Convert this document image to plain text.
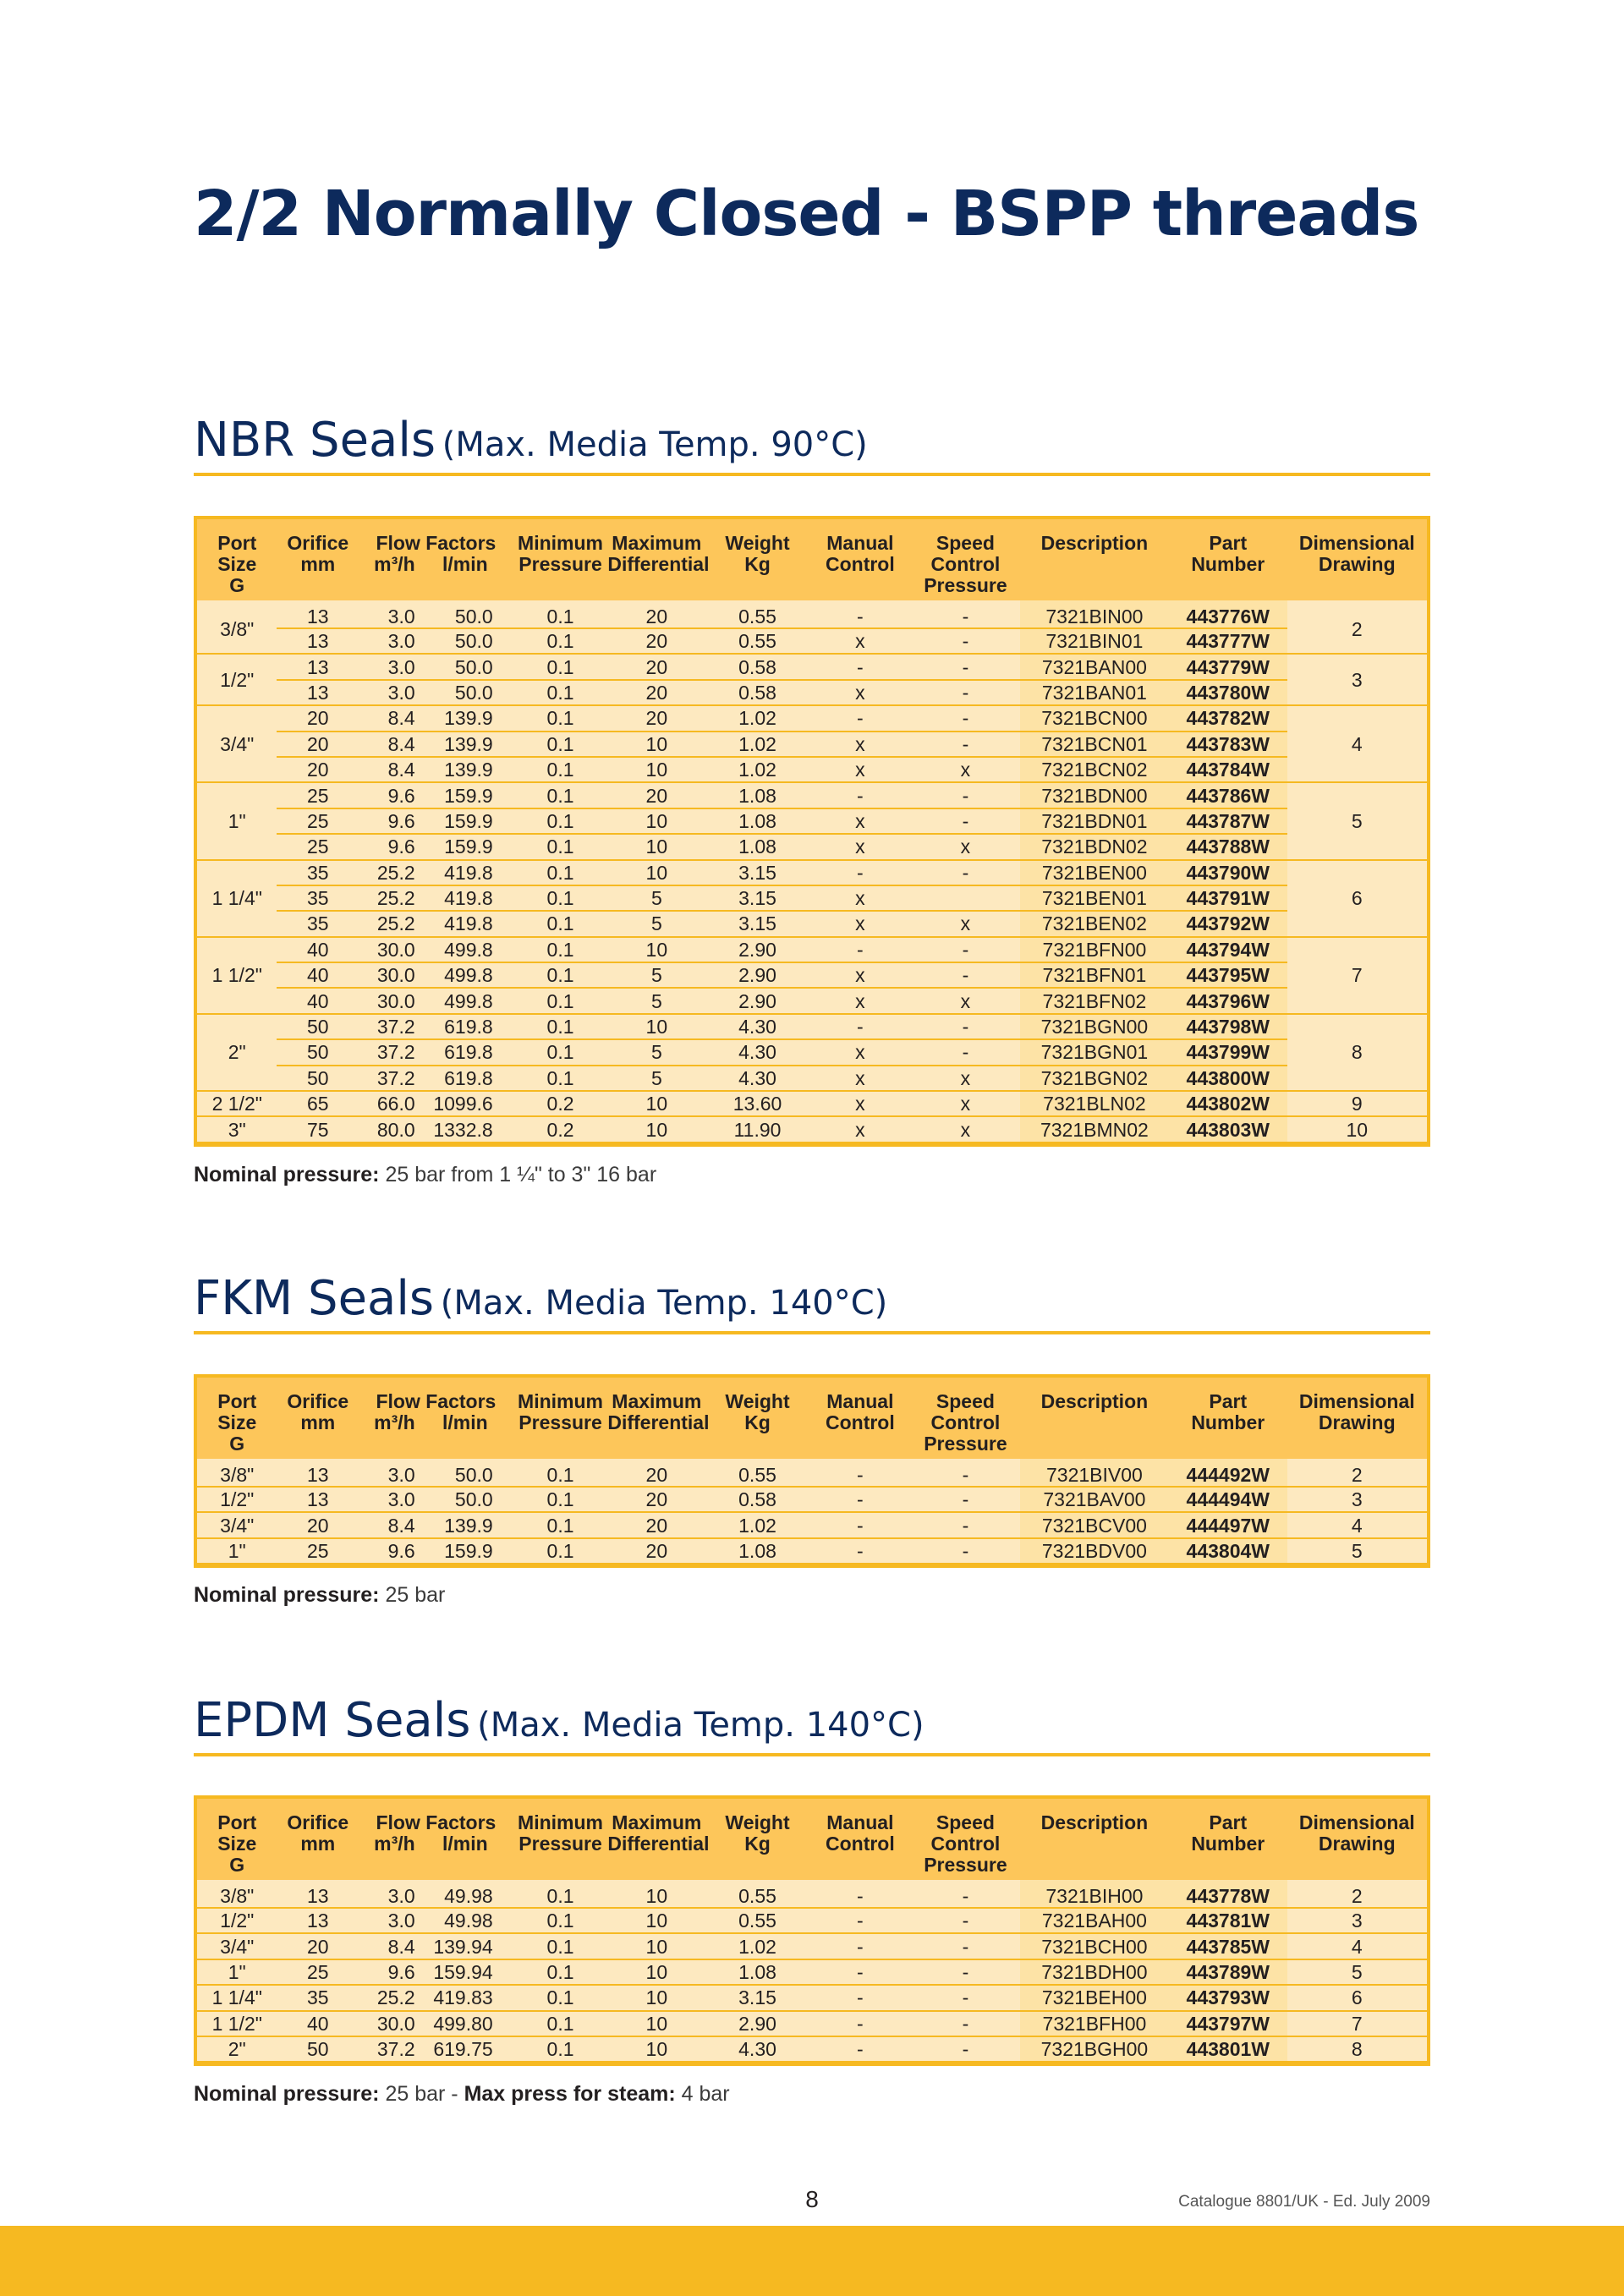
2/2 Normally Closed - BSPP threads
NBR Seals (Max. Media Temp. 90°C)
Port
Size
G	Orifice
mm	Flow Factors
m³/h l/min		Minimum
Pressure	Maximum
Differential	Weight
Kg	Manual
Control	Speed
Control
Pressure	Description	Part
Number	Dimensional
Drawing

3/8"	13	3.0	50.0	0.1	20	0.55	-	-	7321BIN00	443776W	2
	13	3.0	50.0	0.1	20	0.55	x	-	7321BIN01	443777W	
1/2"	13	3.0	50.0	0.1	20	0.58	-	-	7321BAN00	443779W	3
	13	3.0	50.0	0.1	20	0.58	x	-	7321BAN01	443780W	
3/4"	20	8.4	139.9	0.1	20	1.02	-	-	7321BCN00	443782W	4
	20	8.4	139.9	0.1	10	1.02	x	-	7321BCN01	443783W	
	20	8.4	139.9	0.1	10	1.02	x	x	7321BCN02	443784W	
1"	25	9.6	159.9	0.1	20	1.08	-	-	7321BDN00	443786W	5
	25	9.6	159.9	0.1	10	1.08	x	-	7321BDN01	443787W	
	25	9.6	159.9	0.1	10	1.08	x	x	7321BDN02	443788W	
1 1/4"	35	25.2	419.8	0.1	10	3.15	-	-	7321BEN00	443790W	6
	35	25.2	419.8	0.1	5	3.15	x		7321BEN01	443791W	
	35	25.2	419.8	0.1	5	3.15	x	x	7321BEN02	443792W	
1 1/2"	40	30.0	499.8	0.1	10	2.90	-	-	7321BFN00	443794W	7
	40	30.0	499.8	0.1	5	2.90	x	-	7321BFN01	443795W	
	40	30.0	499.8	0.1	5	2.90	x	x	7321BFN02	443796W	
2"	50	37.2	619.8	0.1	10	4.30	-	-	7321BGN00	443798W	8
	50	37.2	619.8	0.1	5	4.30	x	-	7321BGN01	443799W	
	50	37.2	619.8	0.1	5	4.30	x	x	7321BGN02	443800W	
2 1/2"	65	66.0	1099.6	0.2	10	13.60	x	x	7321BLN02	443802W	9
3"	75	80.0	1332.8	0.2	10	11.90	x	x	7321BMN02	443803W	10
Nominal pressure: 25 bar from 1 ¼" to 3" 16 bar
FKM Seals (Max. Media Temp. 140°C)
Port
Size
G	Orifice
mm	Flow Factors
m³/h l/min		Minimum
Pressure	Maximum
Differential	Weight
Kg	Manual
Control	Speed
Control
Pressure	Description	Part
Number	Dimensional
Drawing

3/8"	13	3.0	50.0	0.1	20	0.55	-	-	7321BIV00	444492W	2
1/2"	13	3.0	50.0	0.1	20	0.58	-	-	7321BAV00	444494W	3
3/4"	20	8.4	139.9	0.1	20	1.02	-	-	7321BCV00	444497W	4
1"	25	9.6	159.9	0.1	20	1.08	-	-	7321BDV00	443804W	5
Nominal pressure: 25 bar
EPDM Seals (Max. Media Temp. 140°C)
Port
Size
G	Orifice
mm	Flow Factors
m³/h l/min		Minimum
Pressure	Maximum
Differential	Weight
Kg	Manual
Control	Speed
Control
Pressure	Description	Part
Number	Dimensional
Drawing

3/8"	13	3.0	49.98	0.1	10	0.55	-	-	7321BIH00	443778W	2
1/2"	13	3.0	49.98	0.1	10	0.55	-	-	7321BAH00	443781W	3
3/4"	20	8.4	139.94	0.1	10	1.02	-	-	7321BCH00	443785W	4
1"	25	9.6	159.94	0.1	10	1.08	-	-	7321BDH00	443789W	5
1 1/4"	35	25.2	419.83	0.1	10	3.15	-	-	7321BEH00	443793W	6
1 1/2"	40	30.0	499.80	0.1	10	2.90	-	-	7321BFH00	443797W	7
2"	50	37.2	619.75	0.1	10	4.30	-	-	7321BGH00	443801W	8
Nominal pressure: 25 bar - Max press for steam: 4 bar
8	Catalogue 8801/UK - Ed. July 2009
